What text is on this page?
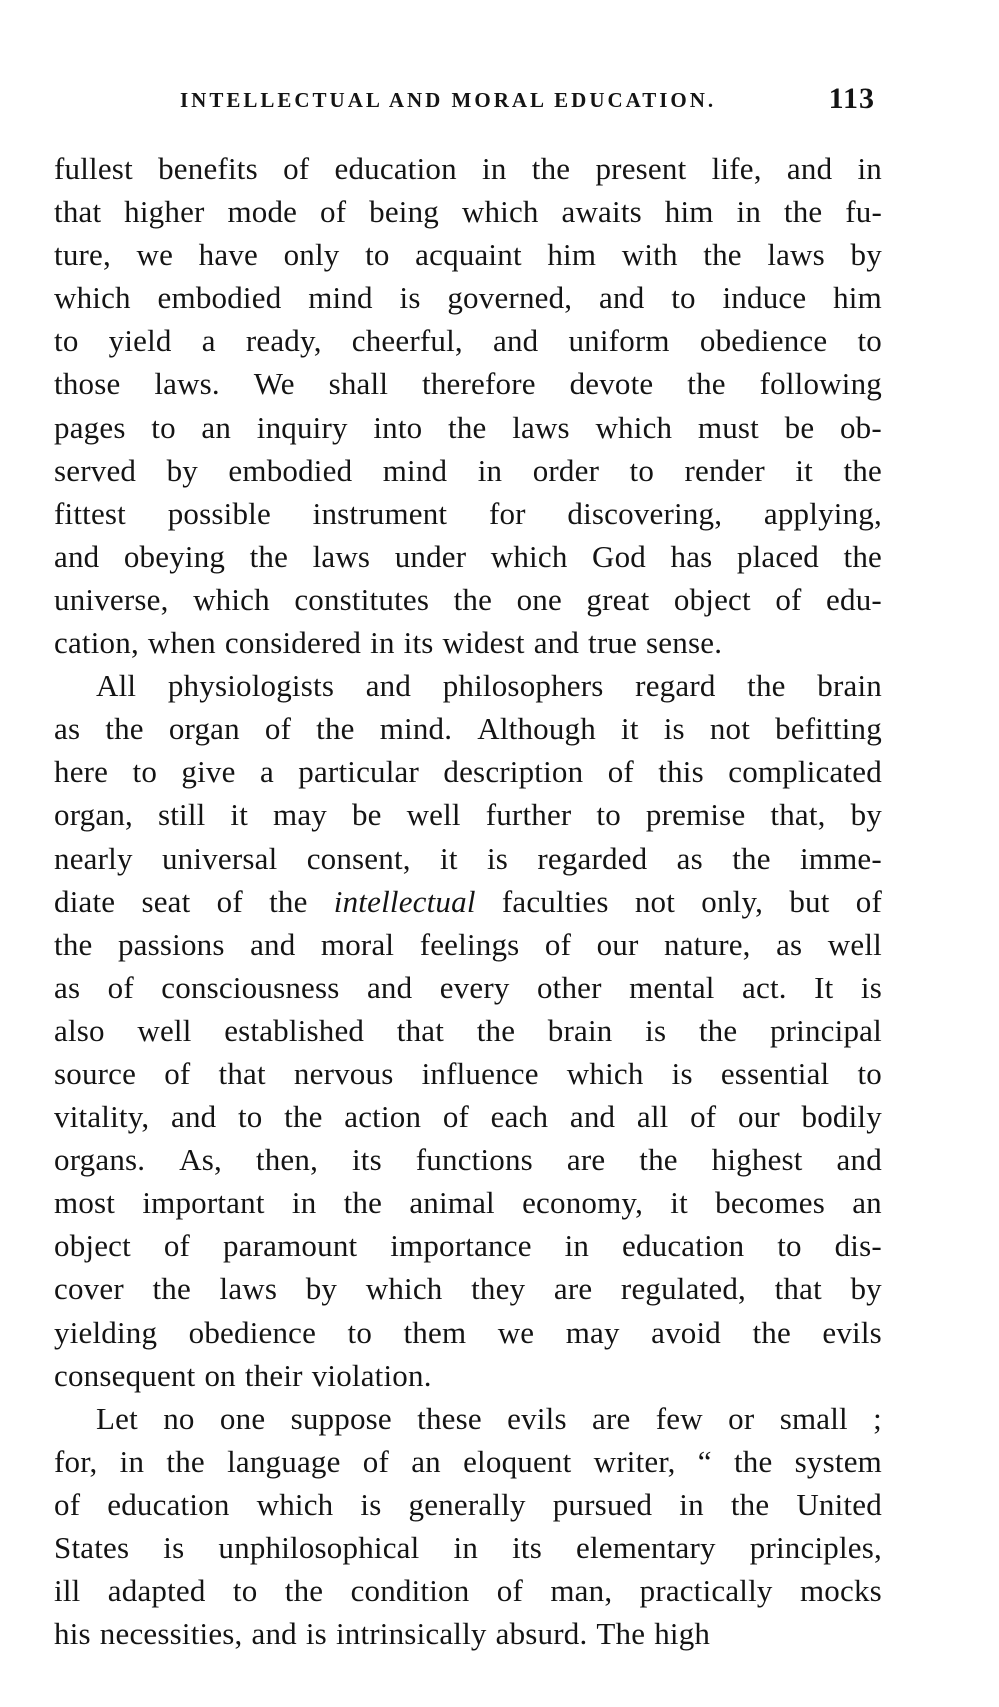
INTELLECTUAL AND MORAL EDUCATION.	113
fullest benefits of education in the present life, and in
that higher mode of being which awaits him in the fu-
ture, we have only to acquaint him with the laws by
which embodied mind is governed, and to induce him
to yield a ready, cheerful, and uniform obedience to
those laws. We shall therefore devote the following
pages to an inquiry into the laws which must be ob-
served by embodied mind in order to render it the
fittest possible instrument for discovering, applying,
and obeying the laws under which God has placed the
universe, which constitutes the one great object of edu-
cation, when considered in its widest and true sense.
All physiologists and philosophers regard the brain
as the organ of the mind. Although it is not befitting
here to give a particular description of this complicated
organ, still it may be well further to premise that, by
nearly universal consent, it is regarded as the imme-
diate seat of the intellectual faculties not only, but of
the passions and moral feelings of our nature, as well
as of consciousness and every other mental act. It is
also well established that the brain is the principal
source of that nervous influence which is essential to
vitality, and to the action of each and all of our bodily
organs. As, then, its functions are the highest and
most important in the animal economy, it becomes an
object of paramount importance in education to dis-
cover the laws by which they are regulated, that by
yielding obedience to them we may avoid the evils
consequent on their violation.
Let no one suppose these evils are few or small ;
for, in the language of an eloquent writer, “ the system
of education which is generally pursued in the United
States is unphilosophical in its elementary principles,
ill adapted to the condition of man, practically mocks
his necessities, and is intrinsically absurd. The high
